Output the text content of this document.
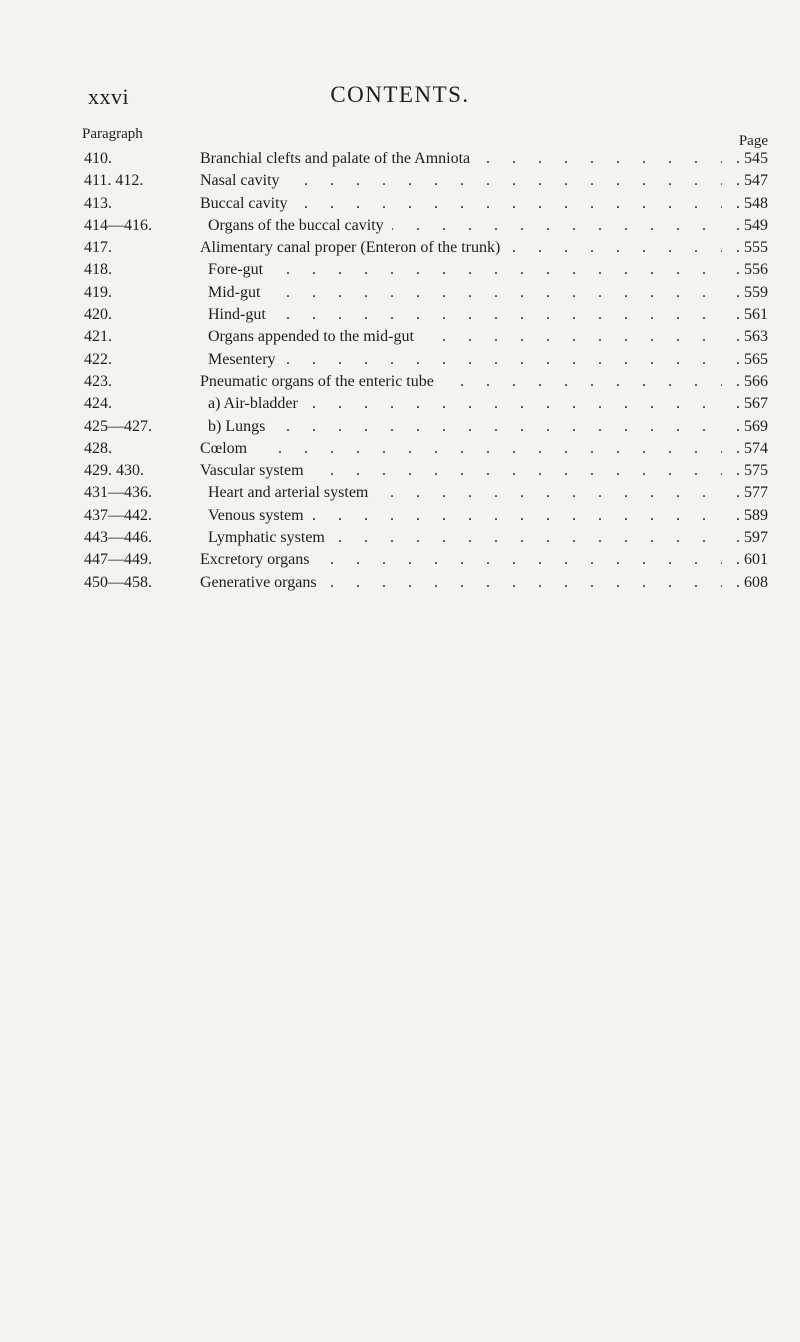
xxvi	CONTENTS.
Paragraph	Page
410.	Branchial clefts and palate of the Amniota . . .	. 545
411. 412.	Nasal cavity . . .	. 547
413.	Buccal cavity . . .	. 548
414—416.	Organs of the buccal cavity . . .	. 549
417.	Alimentary canal proper (Enteron of the trunk) . . .	. 555
418.	Fore-gut . . .	. 556
419.	Mid-gut . . .	. 559
420.	Hind-gut . . .	. 561
421.	Organs appended to the mid-gut . . .	. 563
422.	Mesentery . . .	. 565
423.	Pneumatic organs of the enteric tube . . .	. 566
424.	a) Air-bladder . . .	. 567
425—427.	b) Lungs . . .	. 569
428.	Cœlom . . .	. 574
429. 430.	Vascular system . . .	. 575
431—436.	Heart and arterial system . . .	. 577
437—442.	Venous system . . .	. 589
443—446.	Lymphatic system . . .	. 597
447—449.	Excretory organs . . .	. 601
450—458.	Generative organs . . .	. 608
